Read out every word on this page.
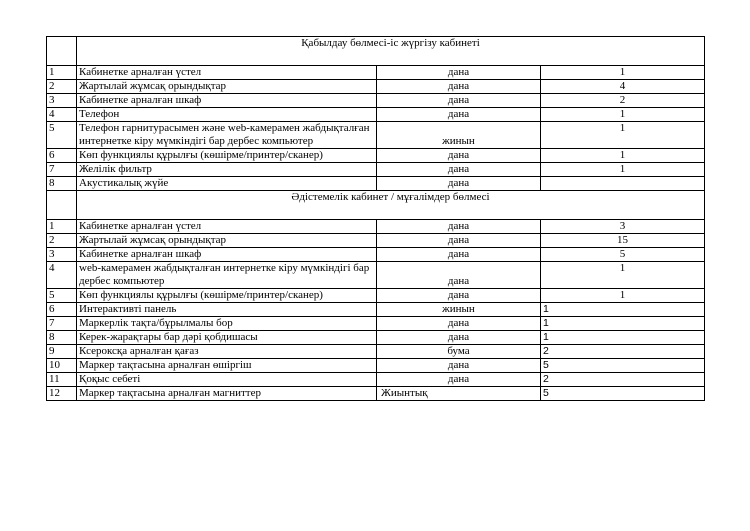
	Қабылдау бөлмесі-іс жүргізу кабинеті		
1	Кабинетке арналған үстел	дана	1
2	Жартылай жұмсақ орындықтар	дана	4
3	Кабинетке арналған шкаф	дана	2
4	Телефон	дана	1
5	Телефон гарнитурасымен және web-камерамен жабдықталған интернетке кіру мүмкіндігі бар дербес компьютер	жинын	1
6	Көп функциялы құрылғы (көшірме/принтер/сканер)	дана	1
7	Желілік фильтр	дана	1
8	Акустикалық жүйе	дана	
	Әдістемелік кабинет / мұғалімдер бөлмесі		
1	Кабинетке арналған үстел	дана	3
2	Жартылай жұмсақ орындықтар	дана	15
3	Кабинетке арналған шкаф	дана	5
4	web-камерамен жабдықталған интернетке кіру мүмкіндігі бар дербес компьютер	дана	1
5	Көп функциялы құрылғы (көшірме/принтер/сканер)	дана	1
6	Интерактивті панель	жинын	1
7	Маркерлік тақта/бұрылмалы бор	дана	1
8	Керек-жарақтары бар дәрі қобдишасы	дана	1
9	Ксероксқа арналған қағаз	бума	2
10	Маркер тақтасына арналған өшіргіш	дана	5
11	Қоқыс себеті	дана	2
12	Маркер тақтасына арналған магниттер	Жиынтық	5
